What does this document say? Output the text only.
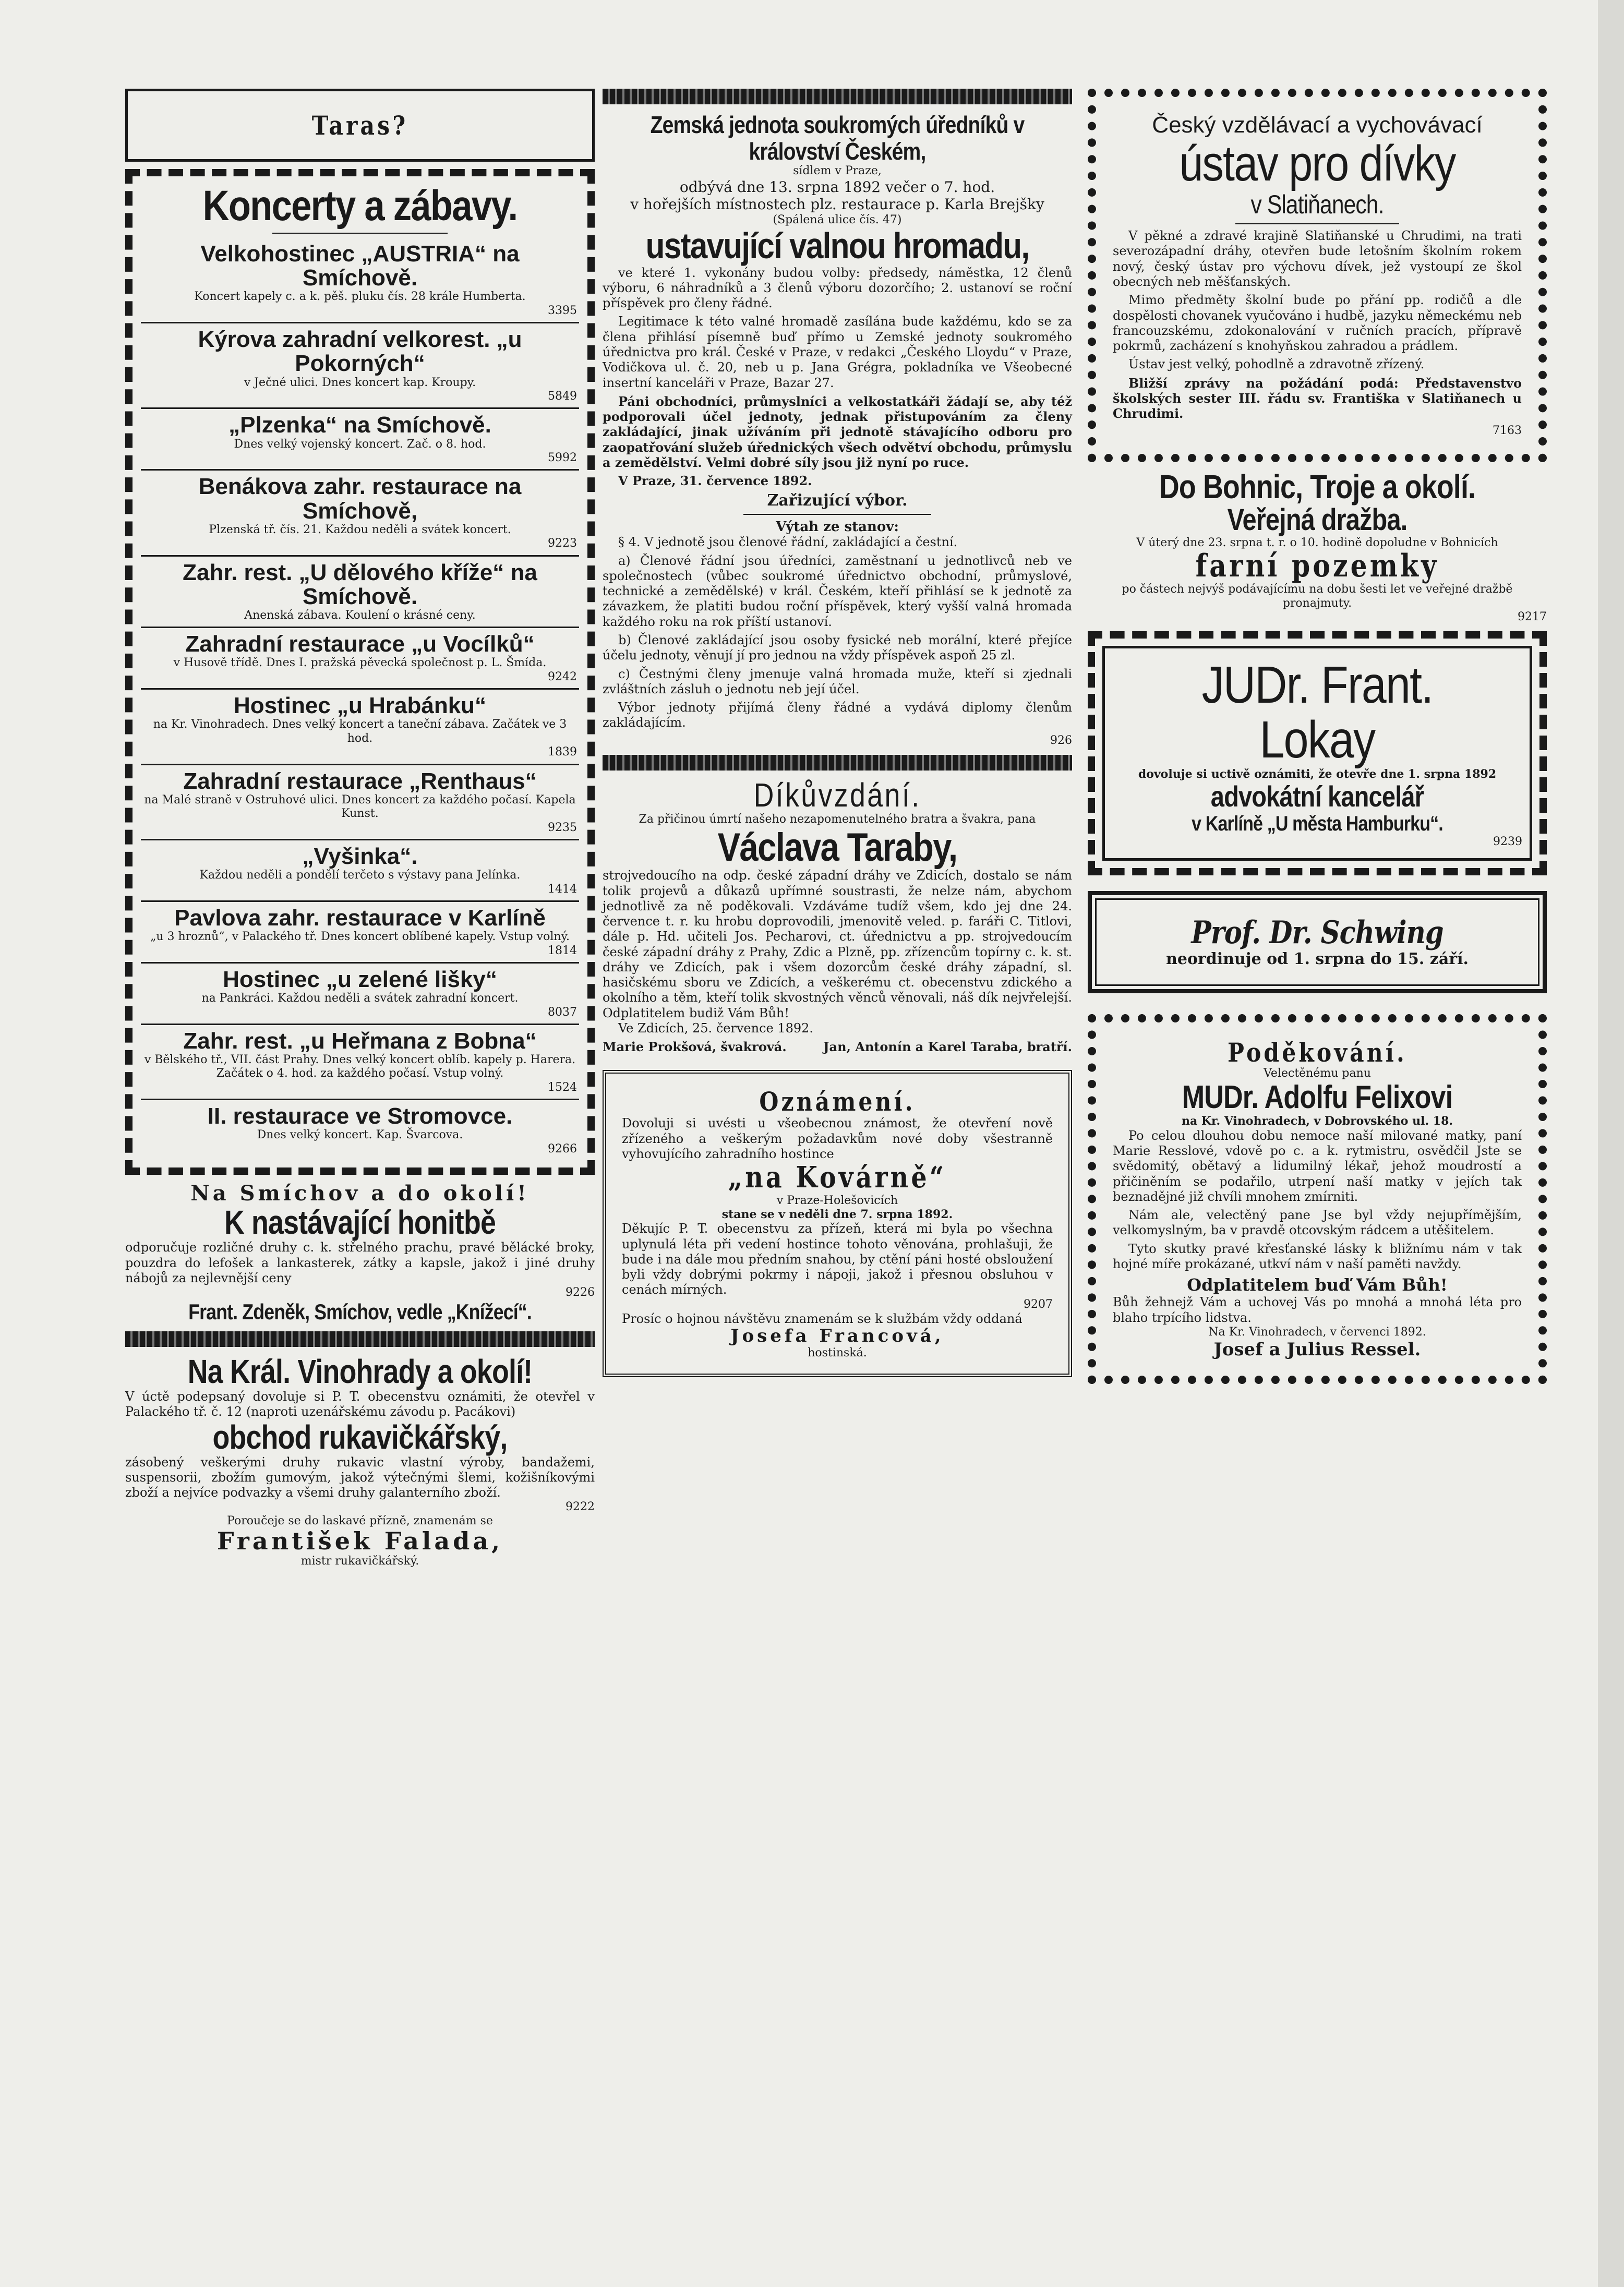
Taras?
Koncerty a zábavy.
Velkohostinec „AUSTRIA“ na Smíchově.
Koncert kapely c. a k. pěš. pluku čís. 28 krále Humberta.
3395
Kýrova zahradní velkorest. „u Pokorných“
v Ječné ulici. Dnes koncert kap. Kroupy.
5849
„Plzenka“ na Smíchově.
Dnes velký vojenský koncert. Zač. o 8. hod.
5992
Benákova zahr. restaurace na Smíchově,
Plzenská tř. čís. 21. Každou neděli a svátek koncert.
9223
Zahr. rest. „U dělového kříže“ na Smíchově.
Anenská zábava. Koulení o krásné ceny.
Zahradní restaurace „u Vocílků“
v Husově třídě. Dnes I. pražská pěvecká společnost p. L. Šmída.
9242
Hostinec „u Hrabánku“
na Kr. Vinohradech. Dnes velký koncert a taneční zábava. Začátek ve 3 hod.
1839
Zahradní restaurace „Renthaus“
na Malé straně v Ostruhové ulici. Dnes koncert za každého počasí. Kapela Kunst.
9235
„Vyšinka“.
Každou neděli a pondělí terčeto s výstavy pana Jelínka.
1414
Pavlova zahr. restaurace v Karlíně
„u 3 hroznů“, v Palackého tř. Dnes koncert oblíbené kapely. Vstup volný.
1814
Hostinec „u zelené lišky“
na Pankráci. Každou neděli a svátek zahradní koncert.
8037
Zahr. rest. „u Heřmana z Bobna“
v Bělského tř., VII. část Prahy. Dnes velký koncert oblíb. kapely p. Harera. Začátek o 4. hod. za každého počasí. Vstup volný.
1524
II. restaurace ve Stromovce.
Dnes velký koncert. Kap. Švarcova.
9266
Na Smíchov a do okolí!
K nastávající honitbě
odporučuje rozličné druhy c. k. střelného prachu, pravé bělácké broky, pouzdra do lefošek a lankasterek, zátky a kapsle, jakož i jiné druhy nábojů za nejlevnější ceny
9226
Frant. Zdeněk, Smíchov, vedle „Knížecí“.
Na Král. Vinohrady a okolí!
V úctě podepsaný dovoluje si P. T. obecenstvu oznámiti, že otevřel v Palackého tř. č. 12 (naproti uzenářskému závodu p. Pacákovi)
obchod rukavičkářský,
zásobený veškerými druhy rukavic vlastní výroby, bandažemi, suspensorii, zbožím gumovým, jakož výtečnými šlemi, kožišníkovými zboží a nejvíce podvazky a všemi druhy galanterního zboží.
9222
Poroučeje se do laskavé přízně, znamenám se
František Falada,
mistr rukavičkářský.
Zemská jednota soukromých úředníků v království Českém,
sídlem v Praze,
odbývá dne 13. srpna 1892 večer o 7. hod.
v hořejších místnostech plz. restaurace p. Karla Brejšky
(Spálená ulice čís. 47)
ustavující valnou hromadu,

ve které 1. vykonány budou volby: předsedy, náměstka, 12 členů výboru, 6 náhradníků a 3 členů výboru dozorčího; 2. ustanoví se roční příspěvek pro členy řádné.

Legitimace k této valné hromadě zasílána bude každému, kdo se za člena přihlásí písemně buď přímo u Zemské jednoty soukromého úřednictva pro král. České v Praze, v redakci „Českého Lloydu“ v Praze, Vodičkova ul. č. 20, neb u p. Jana Grégra, pokladníka ve Všeobecné insertní kanceláři v Praze, Bazar 27.

Páni obchodníci, průmyslníci a velkostatkáři žádají se, aby též podporovali účel jednoty, jednak přistupováním za členy zakládající, jinak užíváním při jednotě stávajícího odboru pro zaopatřování služeb úřednických všech odvětví obchodu, průmyslu a zemědělství. Velmi dobré síly jsou již nyní po ruce.

V Praze, 31. července 1892.

Zařizující výbor.
Výtah ze stanov:

§ 4. V jednotě jsou členové řádní, zakládající a čestní.

a) Členové řádní jsou úředníci, zaměstnaní u jednotlivců neb ve společnostech (vůbec soukromé úřednictvo obchodní, průmyslové, technické a zemědělské) v král. Českém, kteří přihlásí se k jednotě za závazkem, že platiti budou roční příspěvek, který vyšší valná hromada každého roku na rok příští ustanoví.

b) Členové zakládající jsou osoby fysické neb morální, které přejíce účelu jednoty, věnují jí pro jednou na vždy příspěvek aspoň 25 zl.

c) Čestnými členy jmenuje valná hromada muže, kteří si zjednali zvláštních zásluh o jednotu neb její účel.

Výbor jednoty přijímá členy řádné a vydává diplomy členům zakládajícím.

926
Díkůvzdání.
Za přičinou úmrtí našeho nezapomenutelného bratra a švakra, pana
Václava Taraby,
strojvedoucího na odp. české západní dráhy ve Zdicích, dostalo se nám tolik projevů a důkazů upřímné soustrasti, že nelze nám, abychom jednotlivě za ně poděkovali. Vzdáváme tudíž všem, kdo jej dne 24. července t. r. ku hrobu doprovodili, jmenovitě veled. p. faráři C. Titlovi, dále p. Hd. učiteli Jos. Pecharovi, ct. úřednictvu a pp. strojvedoucím české západní dráhy z Prahy, Zdic a Plzně, pp. zřízencům topírny c. k. st. dráhy ve Zdicích, pak i všem dozorcům české dráhy západní, sl. hasičskému sboru ve Zdicích, a veškerému ct. obecenstvu zdického a okolního a těm, kteří tolik skvostných věnců věnovali, náš dík nejvřelejší. Odplatitelem budiž Vám Bůh!
Ve Zdicích, 25. července 1892.
Marie Prokšová, švakrová.	Jan, Antonín a Karel Tarabа, bratří.
Oznámení.
Dovoluji si uvésti u všeobecnou známost, že otevření nově zřízeného a veškerým požadavkům nové doby všestranně vyhovujícího zahradního hostince
„na Kovárně“
v Praze-Holešovicích
stane se v neděli dne 7. srpna 1892.
Děkujíc P. T. obecenstvu za přízeň, která mi byla po všechna uplynulá léta při vedení hostince tohoto věnována, prohlašuji, že bude i na dále mou předním snahou, by ctění páni hosté obsloužení byli vždy dobrými pokrmy i nápoji, jakož i přesnou obsluhou v cenách mírných.
9207
Prosíc o hojnou návštěvu znamenám se k službám vždy oddaná
Josefa Francová,
hostinská.
Český vzdělávací a vychovávací
ústav pro dívky
v Slatiňanech.

V pěkné a zdravé krajině Slatiňanské u Chrudimi, na trati severozápadní dráhy, otevřen bude letošním školním rokem nový, český ústav pro výchovu dívek, jež vystoupí ze škol obecných neb měšťanských.

Mimo předměty školní bude po přání pp. rodičů a dle dospělosti chovanek vyučováno i hudbě, jazyku německému neb francouzskému, zdokonalování v ručních pracích, přípravě pokrmů, zacházení s knohyňskou zahradou a prádlem.

Ústav jest velký, pohodlně a zdravotně zřízený.

Bližší zprávy na požádání podá: Představenstvo školských sester III. řádu sv. Františka v Slatiňanech u Chrudimi.

7163
Do Bohnic, Troje a okolí.
Veřejná dražba.
V úterý dne 23. srpna t. r. o 10. hodině dopoludne v Bohnicích
farní pozemky
po částech nejvýš podávajícímu na dobu šesti let ve veřejné dražbě pronajmuty.
9217
JUDr. Frant. Lokay
dovoluje si uctivě oznámiti, že otevře dne 1. srpna 1892
advokátní kancelář
v Karlíně „U města Hamburku“.
9239
Prof. Dr. Schwing
neordinuje od 1. srpna do 15. září.
Poděkování.
Velectěnému panu
MUDr. Adolfu Felixovi
na Kr. Vinohradech, v Dobrovského ul. 18.

Po celou dlouhou dobu nemoce naší milované matky, paní Marie Resslové, vdově po c. a k. rytmistru, osvědčil Jste se svědomitý, obětavý a lidumilný lékař, jehož moudrostí a přičiněním se podařilo, utrpení naší matky v jejích tak beznadějné již chvíli mnohem zmírniti.

Nám ale, velectěný pane Jse byl vždy nejupřímějším, velkomyslným, ba v pravdě otcovským rádcem a utěšitelem.

Tyto skutky pravé křesťanské lásky k bližnímu nám v tak hojné míře prokázané, utkví nám v naší paměti navždy.

Odplatitelem buď Vám Bůh!
Bůh žehnejž Vám a uchovej Vás po mnohá a mnohá léta pro blaho trpícího lidstva.
Na Kr. Vinohradech, v červenci 1892.
Josef a Julius Ressel.
